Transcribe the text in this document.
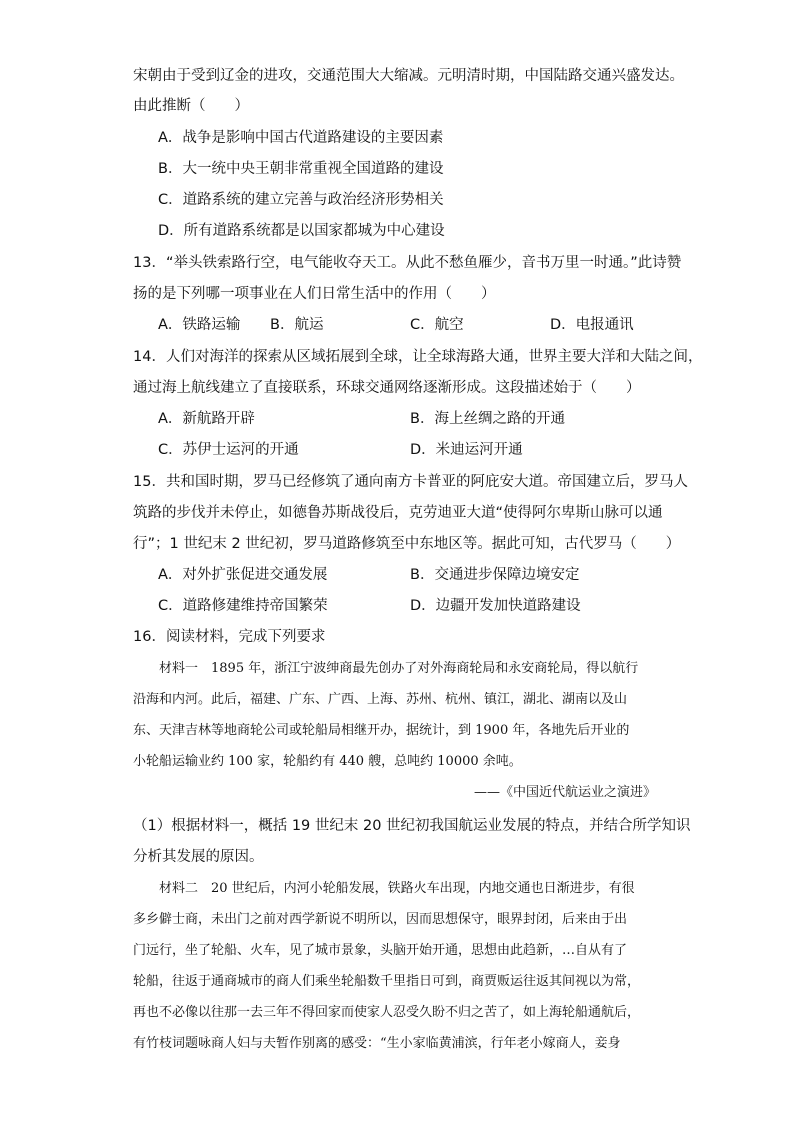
宋朝由于受到辽金的进攻，交通范围大大缩减。元明清时期，中国陆路交通兴盛发达。
由此推断（　　）
A．战争是影响中国古代道路建设的主要因素
B．大一统中央王朝非常重视全国道路的建设
C．道路系统的建立完善与政治经济形势相关
D．所有道路系统都是以国家都城为中心建设
13．“举头铁索路行空，电气能收夺天工。从此不愁鱼雁少，音书万里一时通。”此诗赞
扬的是下列哪一项事业在人们日常生活中的作用（　　）
A．铁路运输 B．航运	C．航空	D．电报通讯
14．人们对海洋的探索从区域拓展到全球，让全球海路大通，世界主要大洋和大陆之间，
通过海上航线建立了直接联系，环球交通网络逐渐形成。这段描述始于（　　）
A．新航路开辟	B．海上丝绸之路的开通
C．苏伊士运河的开通	D．米迪运河开通
15．共和国时期，罗马已经修筑了通向南方卡普亚的阿庇安大道。帝国建立后，罗马人
筑路的步伐并未停止，如德鲁苏斯战役后，克劳迪亚大道“使得阿尔卑斯山脉可以通
行”；1 世纪末 2 世纪初，罗马道路修筑至中东地区等。据此可知，古代罗马（　　）
A．对外扩张促进交通发展	B．交通进步保障边境安定
C．道路修建维持帝国繁荣	D．边疆开发加快道路建设
16．阅读材料，完成下列要求
材料一　1895 年，浙江宁波绅商最先创办了对外海商轮局和永安商轮局，得以航行
沿海和内河。此后，福建、广东、广西、上海、苏州、杭州、镇江，湖北、湖南以及山
东、天津吉林等地商轮公司或轮船局相继开办，据统计，到 1900 年，各地先后开业的
小轮船运输业约 100 家，轮船约有 440 艘，总吨约 10000 余吨。
——《中国近代航运业之演进》
（1）根据材料一，概括 19 世纪末 20 世纪初我国航运业发展的特点，并结合所学知识
分析其发展的原因。
材料二　20 世纪后，内河小轮船发展，铁路火车出现，内地交通也日渐进步，有很
多乡僻士商，未出门之前对西学新说不明所以，因而思想保守，眼界封闭，后来由于出
门远行，坐了轮船、火车，见了城市景象，头脑开始开通，思想由此趋新，…自从有了
轮船，往返于通商城市的商人们乘坐轮船数千里指日可到，商贾贩运往返其间视以为常，
再也不必像以往那一去三年不得回家而使家人忍受久盼不归之苦了，如上海轮船通航后，
有竹枝词题咏商人妇与夫暂作别离的感受：“生小家临黄浦滨，行年老小嫁商人，妾身
